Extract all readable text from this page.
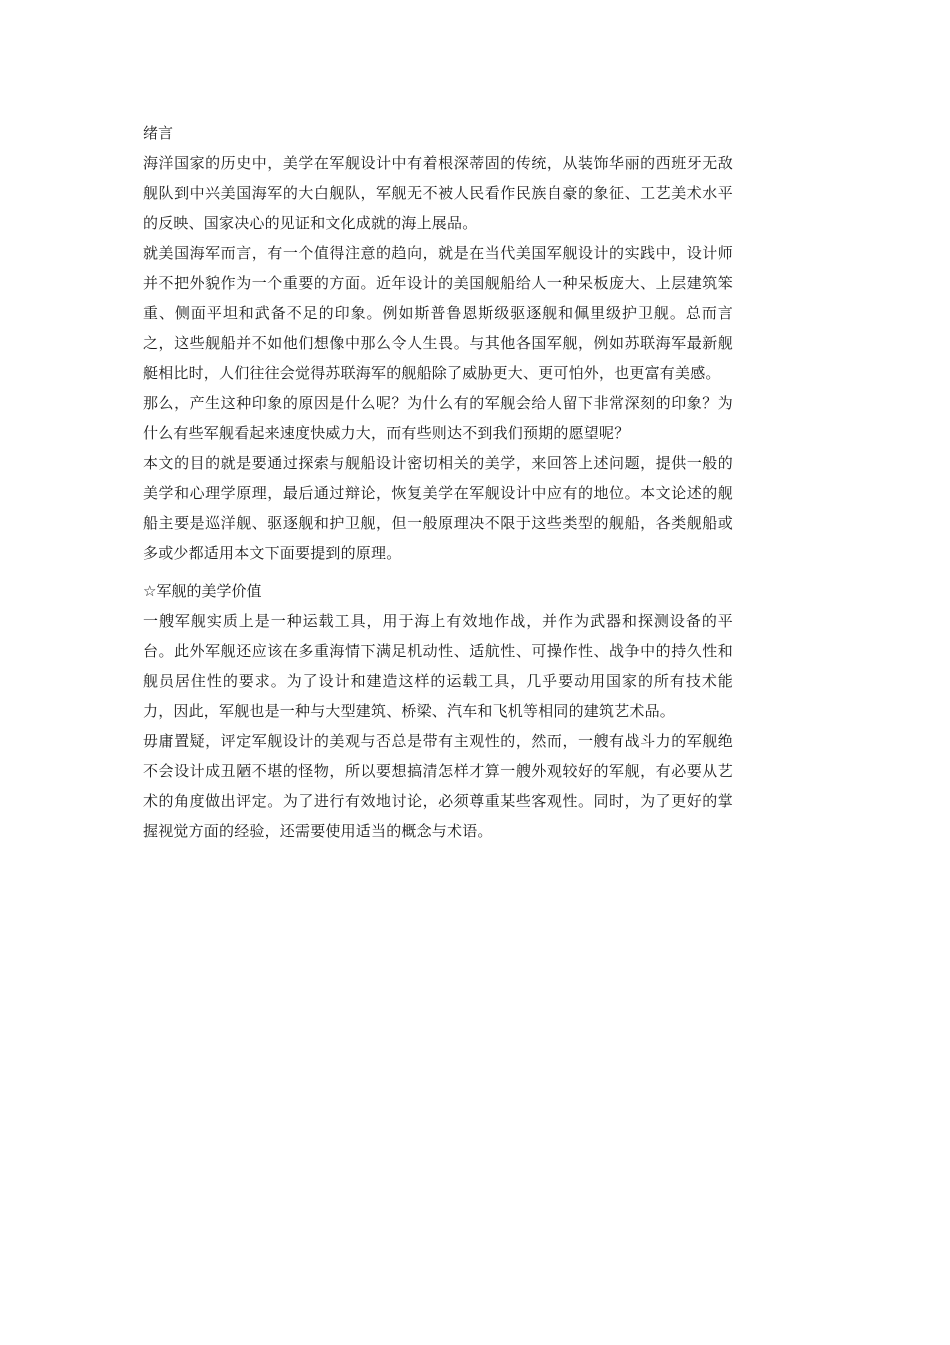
绪言

海洋国家的历史中，美学在军舰设计中有着根深蒂固的传统，从装饰华丽的西班牙无敌舰队到中兴美国海军的大白舰队，军舰无不被人民看作民族自豪的象征、工艺美术水平的反映、国家决心的见证和文化成就的海上展品。

就美国海军而言，有一个值得注意的趋向，就是在当代美国军舰设计的实践中，设计师并不把外貌作为一个重要的方面。近年设计的美国舰船给人一种呆板庞大、上层建筑笨重、侧面平坦和武备不足的印象。例如斯普鲁恩斯级驱逐舰和佩里级护卫舰。总而言之，这些舰船并不如他们想像中那么令人生畏。与其他各国军舰，例如苏联海军最新舰艇相比时，人们往往会觉得苏联海军的舰船除了威胁更大、更可怕外，也更富有美感。

那么，产生这种印象的原因是什么呢？为什么有的军舰会给人留下非常深刻的印象？为什么有些军舰看起来速度快威力大，而有些则达不到我们预期的愿望呢？

本文的目的就是要通过探索与舰船设计密切相关的美学，来回答上述问题，提供一般的美学和心理学原理，最后通过辩论，恢复美学在军舰设计中应有的地位。本文论述的舰船主要是巡洋舰、驱逐舰和护卫舰，但一般原理决不限于这些类型的舰船，各类舰船或多或少都适用本文下面要提到的原理。

☆军舰的美学价值

一艘军舰实质上是一种运载工具，用于海上有效地作战，并作为武器和探测设备的平台。此外军舰还应该在多重海情下满足机动性、适航性、可操作性、战争中的持久性和舰员居住性的要求。为了设计和建造这样的运载工具，几乎要动用国家的所有技术能力，因此，军舰也是一种与大型建筑、桥梁、汽车和飞机等相同的建筑艺术品。

毋庸置疑，评定军舰设计的美观与否总是带有主观性的，然而，一艘有战斗力的军舰绝不会设计成丑陋不堪的怪物，所以要想搞清怎样才算一艘外观较好的军舰，有必要从艺术的角度做出评定。为了进行有效地讨论，必须尊重某些客观性。同时，为了更好的掌握视觉方面的经验，还需要使用适当的概念与术语。
